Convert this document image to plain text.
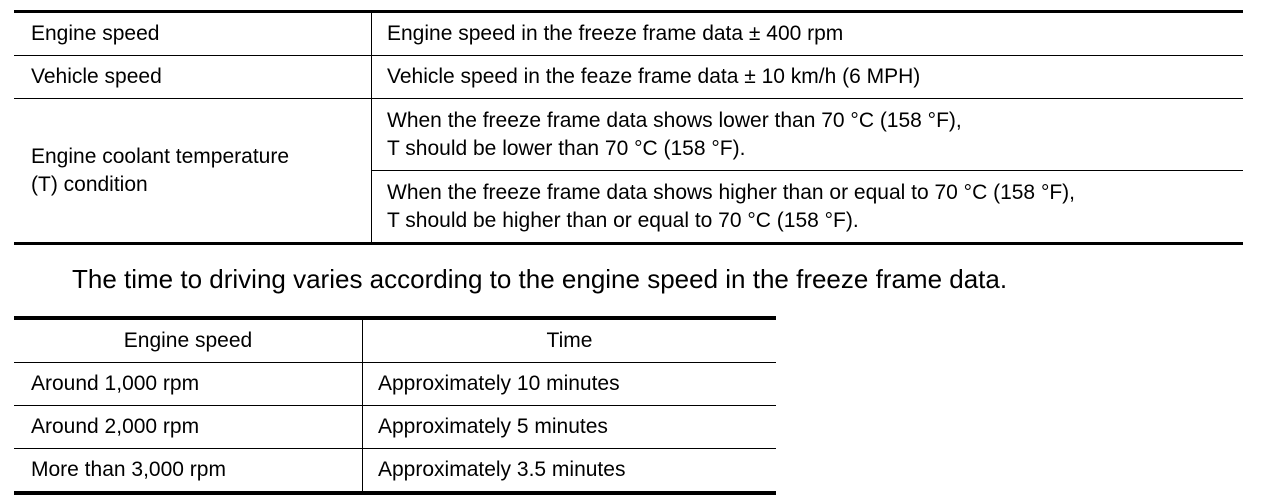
Engine speed	Engine speed in the freeze frame data ± 400 rpm
Vehicle speed	Vehicle speed in the feaze frame data ± 10 km/h (6 MPH)
Engine coolant temperature
(T) condition	When the freeze frame data shows lower than 70 °C (158 °F),
T should be lower than 70 °C (158 °F).
	When the freeze frame data shows higher than or equal to 70 °C (158 °F),
T should be higher than or equal to 70 °C (158 °F).
The time to driving varies according to the engine speed in the freeze frame data.
Engine speed	Time
Around 1,000 rpm	Approximately 10 minutes
Around 2,000 rpm	Approximately 5 minutes
More than 3,000 rpm	Approximately 3.5 minutes
